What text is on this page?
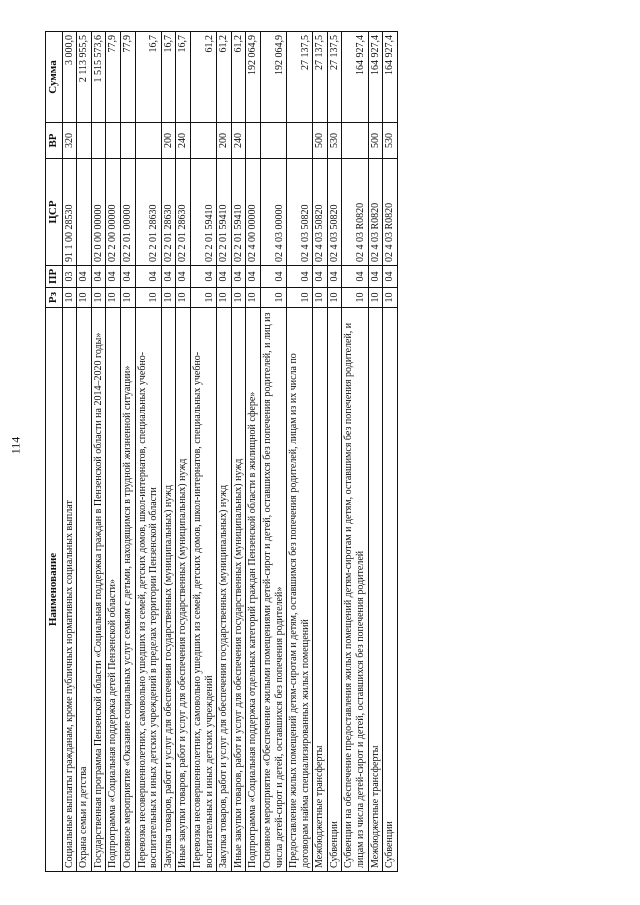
114
Наименование	Рз	ПР	ЦСР	ВР	Сумма
Социальные выплаты гражданам, кроме публичных нормативных социальных выплат	10	03	91 1 00 28530	320	3 000,0
Охрана семьи и детства	10	04			2 113 955,5
Государственная программа Пензенской области «Социальная поддержка граждан в Пензенской области на 2014–2020 годы»	10	04	02 0 00 00000		1 515 573,6
Подпрограмма «Социальная поддержка детей Пензенской области»	10	04	02 2 00 00000		77,9
Основное мероприятие «Оказание социальных услуг семьям с детьми, находящимся в трудной жизненной ситуации»	10	04	02 2 01 00000		77,9
Перевозка несовершеннолетних, самовольно ушедших из семей, детских домов, школ-интернатов, специальных учебно-воспитательных и иных детских учреждений в пределах территории Пензенской области	10	04	02 2 01 28630		16,7
Закупка товаров, работ и услуг для обеспечения государственных (муниципальных) нужд	10	04	02 2 01 28630	200	16,7
Иные закупки товаров, работ и услуг для обеспечения государственных (муниципальных) нужд	10	04	02 2 01 28630	240	16,7
Перевозка несовершеннолетних, самовольно ушедших из семей, детских домов, школ-интернатов, специальных учебно-воспитательных и иных детских учреждений	10	04	02 2 01 59410		61,2
Закупка товаров, работ и услуг для обеспечения государственных (муниципальных) нужд	10	04	02 2 01 59410	200	61,2
Иные закупки товаров, работ и услуг для обеспечения государственных (муниципальных) нужд	10	04	02 2 01 59410	240	61,2
Подпрограмма «Социальная поддержка отдельных категорий граждан Пензенской области в жилищной сфере»	10	04	02 4 00 00000		192 064,9
Основное мероприятие «Обеспечение жилыми помещениями детей-сирот и детей, оставшихся без попечения родителей, и лиц из числа детей-сирот и детей, оставшихся без попечения родителей»	10	04	02 4 03 00000		192 064,9
Предоставление жилых помещений детям-сиротам и детям, оставшимся без попечения родителей, лицам из их числа по договорам найма специализированных жилых помещений	10	04	02 4 03 50820		27 137,5
Межбюджетные трансферты	10	04	02 4 03 50820	500	27 137,5
Субвенции	10	04	02 4 03 50820	530	27 137,5
Субвенции на обеспечение предоставления жилых помещений детям-сиротам и детям, оставшимся без попечения родителей, и лицам из числа детей-сирот и детей, оставшихся без попечения родителей	10	04	02 4 03 R0820		164 927,4
Межбюджетные трансферты	10	04	02 4 03 R0820	500	164 927,4
Субвенции	10	04	02 4 03 R0820	530	164 927,4
